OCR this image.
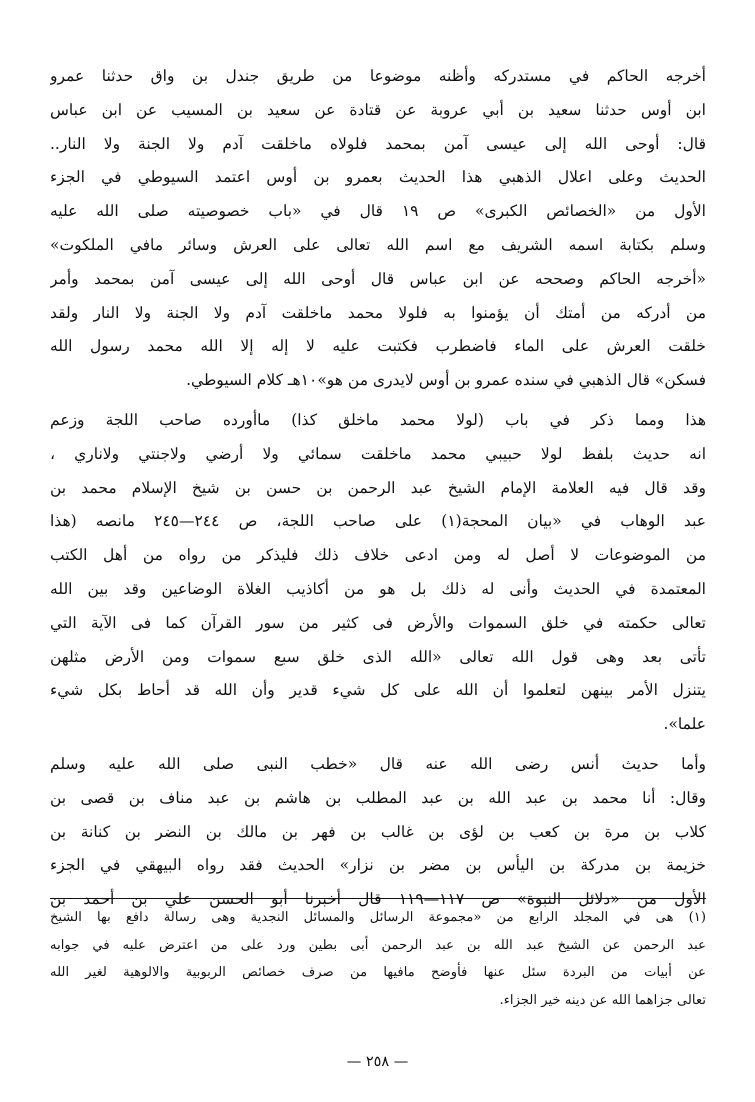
أخرجه الحاكم في مستدركه وأظنه موضوعا من طريق جندل بن واق حدثنا عمرو
ابن أوس حدثنا سعيد بن أبي عروبة عن قتادة عن سعيد بن المسيب عن ابن عباس
قال: أوحى الله إلى عيسى آمن بمحمد فلولاه ماخلقت آدم ولا الجنة ولا النار..
الحديث وعلى اعلال الذهبي هذا الحديث بعمرو بن أوس اعتمد السيوطي في الجزء
الأول من «الخصائص الكبرى» ص ١٩ قال في «باب خصوصيته صلى الله عليه
وسلم بكتابة اسمه الشريف مع اسم الله تعالى على العرش وسائر مافي الملكوت»
«أخرجه الحاكم وصححه عن ابن عباس قال أوحى الله إلى عيسى آمن بمحمد وأمر
من أدركه من أمتك أن يؤمنوا به فلولا محمد ماخلقت آدم ولا الجنة ولا النار ولقد
خلقت العرش على الماء فاضطرب فكتبت عليه لا إله إلا الله محمد رسول الله
فسكن» قال الذهبي في سنده عمرو بن أوس لايدرى من هو»١٠هـ كلام السيوطي.
هذا ومما ذكر في باب (لولا محمد ماخلق كذا) ماأورده صاحب اللجة وزعم
انه حديث بلفظ لولا حبيبي محمد ماخلقت سمائي ولا أرضي ولاجنتي ولاناري ،
وقد قال فيه العلامة الإمام الشيخ عبد الرحمن بن حسن بن شيخ الإسلام محمد بن
عبد الوهاب في «بيان المحجة(١) على صاحب اللجة، ص ٢٤٤—٢٤٥ مانصه (هذا
من الموضوعات لا أصل له ومن ادعى خلاف ذلك فليذكر من رواه من أهل الكتب
المعتمدة في الحديث وأنى له ذلك بل هو من أكاذيب الغلاة الوضاعين وقد بين الله
تعالى حكمته في خلق السموات والأرض فى كثير من سور القرآن كما فى الآية التي
تأتى بعد وهى قول الله تعالى «الله الذى خلق سبع سموات ومن الأرض مثلهن
يتنزل الأمر بينهن لتعلموا أن الله على كل شيء قدير وأن الله قد أحاط بكل شيء
علما».
وأما حديث أنس رضى الله عنه قال «خطب النبى صلى الله عليه وسلم
وقال: أنا محمد بن عبد الله بن عبد المطلب بن هاشم بن عبد مناف بن قصى بن
كلاب بن مرة بن كعب بن لؤى بن غالب بن فهر بن مالك بن النضر بن كنانة بن
خزيمة بن مدركة بن اليأس بن مضر بن نزار» الحديث فقد رواه البيهقي في الجزء
الأول من «دلائل النبوة» ص ١١٧—١١٩ قال أخبرنا أبو الحسن علي بن أحمد بن
(١) هى في المجلد الرابع من «مجموعة الرسائل والمسائل النجدية وهى رسالة دافع بها الشيخ
عبد الرحمن عن الشيخ عبد الله بن عبد الرحمن أبى بطين ورد على من اعترض عليه في جوابه
عن أبيات من البردة سئل عنها فأوضح مافيها من صرف خصائص الربوبية والالوهية لغير الله
تعالى جزاهما الله عن دينه خير الجزاء.
— ٢٥٨ —
